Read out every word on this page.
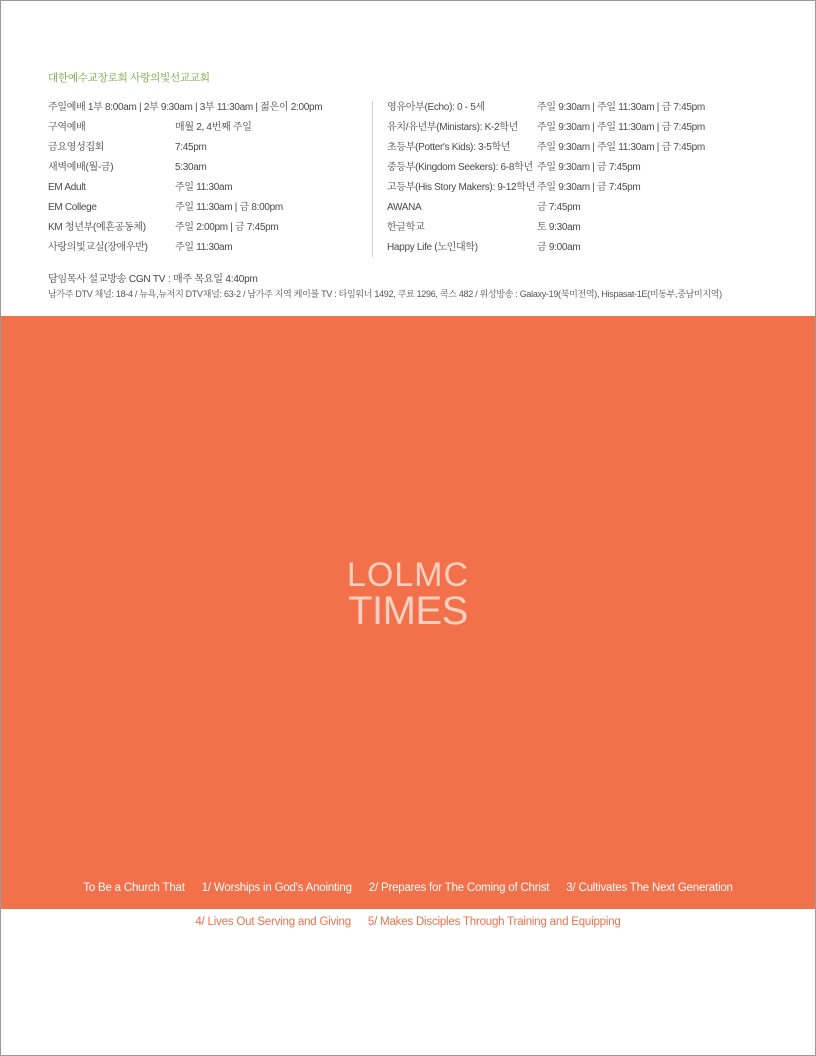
대한예수교장로회 사랑의빛선교교회
주일예배 1부 8:00am | 2부 9:30am | 3부 11:30am | 젊은이 2:00pm
구역예배	매월 2, 4번째 주일
금요영성집회	7:45pm
새벽예배(월-금)	5:30am
EM Adult	주일 11:30am
EM College	주일 11:30am | 금 8:00pm
KM 청년부(예흔공동체)	주일 2:00pm | 금 7:45pm
사랑의빛교실(장애우반)	주일 11:30am
영유아부(Echo): 0 - 5세	주일 9:30am | 주일 11:30am | 금 7:45pm
유치/유년부(Ministars): K-2학년 주일 9:30am | 주일 11:30am | 금 7:45pm
초등부(Potter's Kids): 3-5학년	주일 9:30am | 주일 11:30am | 금 7:45pm
중등부(Kingdom Seekers): 6-8학년 주일 9:30am | 금 7:45pm
고등부(His Story Makers): 9-12학년 주일 9:30am | 금 7:45pm
AWANA	금 7:45pm
한글학교	토 9:30am
Happy Life (노인대학)	금 9:00am
담임목사 설교방송 CGN TV : 매주 목요일 4:40pm
남가주 DTV 채널: 18-4 / 뉴욕,뉴저지 DTV채널: 63-2 / 남가주 지역 케이블 TV : 타임워너 1492, 쿠료 1296, 콕스 482 / 위성방송 : Galaxy-19(북미전역), Hispasat-1E(미동부,중남미지역)
LOLMC
TIMES
To Be a Church That 1/ Worships in God's Anointing 2/ Prepares for The Coming of Christ 3/ Cultivates The Next Generation
4/ Lives Out Serving and Giving 5/ Makes Disciples Through Training and Equipping
